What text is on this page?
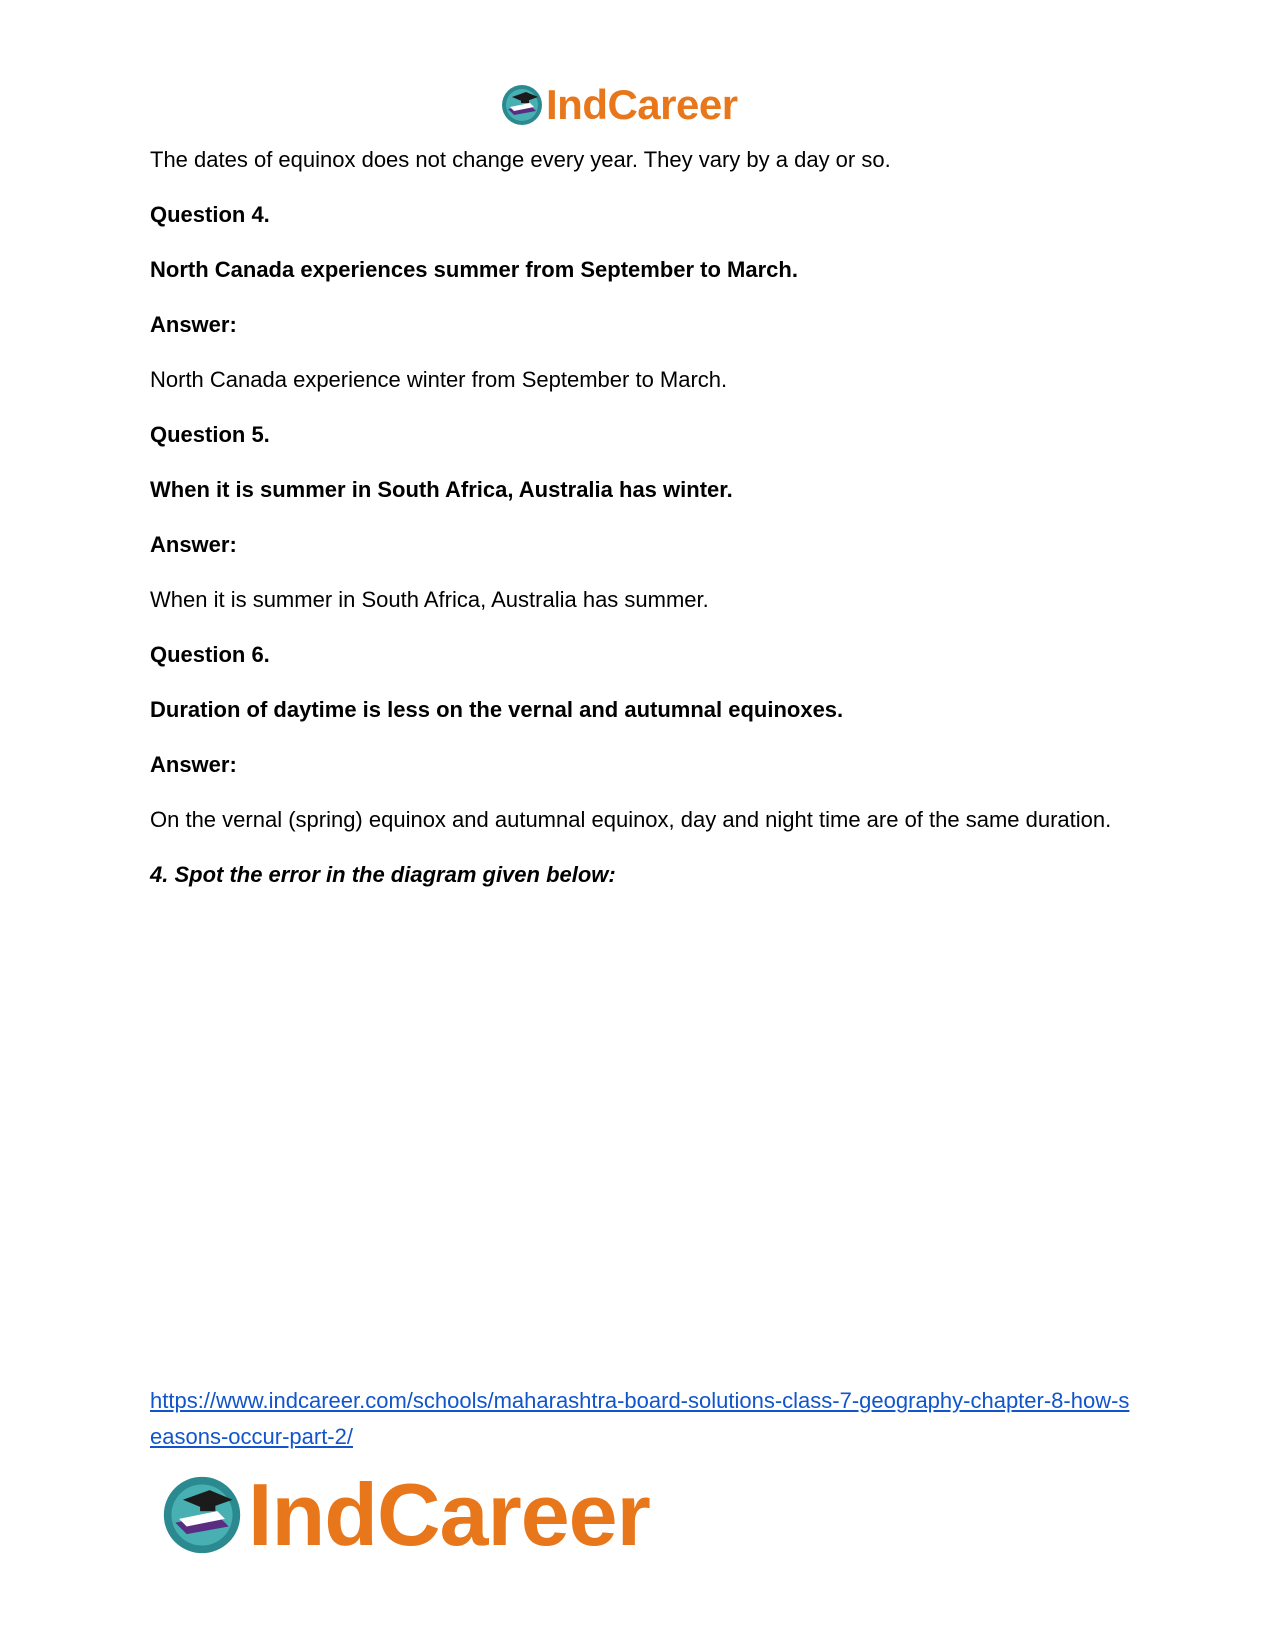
IndCareer

The dates of equinox does not change every year. They vary by a day or so.

Question 4.

North Canada experiences summer from September to March.

Answer:

North Canada experience winter from September to March.

Question 5.

When it is summer in South Africa, Australia has winter.

Answer:

When it is summer in South Africa, Australia has summer.

Question 6.

Duration of daytime is less on the vernal and autumnal equinoxes.

Answer:

On the vernal (spring) equinox and autumnal equinox, day and night time are of the same duration.

4. Spot the error in the diagram given below:

https://www.indcareer.com/schools/maharashtra-board-solutions-class-7-geography-chapter-8-how-seasons-occur-part-2/
IndCareer
